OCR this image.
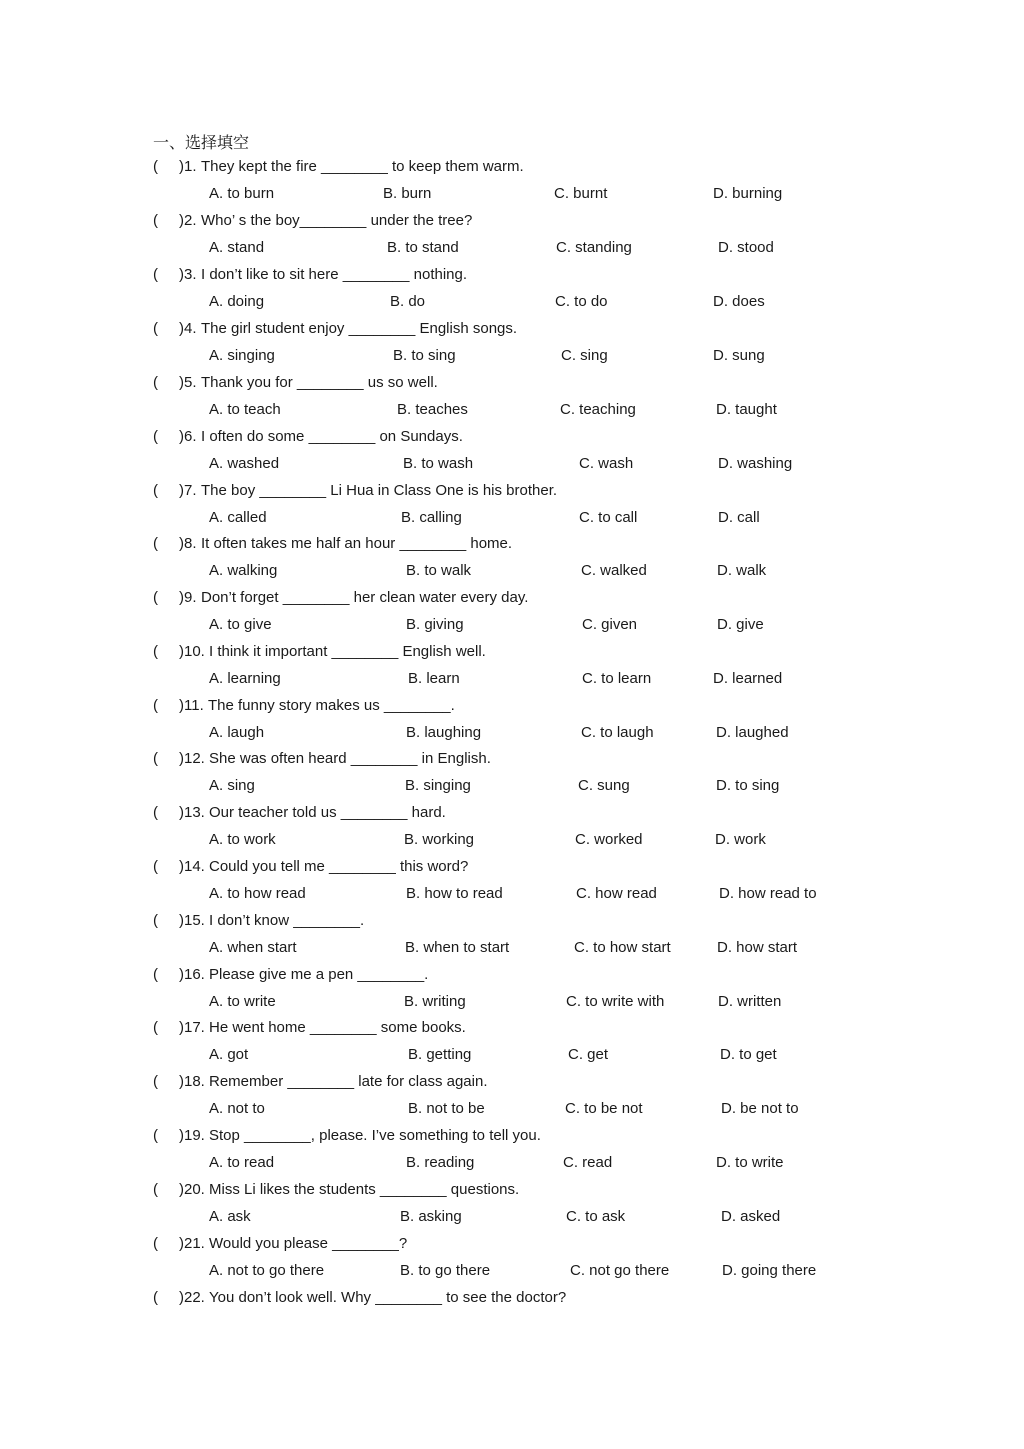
一、选择填空
( )1. They kept the fire ________ to keep them warm.
A. to burn	B. burn	C. burnt	D. burning
( )2. Who’ s the boy________ under the tree?
A. stand	B. to stand	C. standing	D. stood
( )3. I don’t like to sit here ________ nothing.
A. doing	B. do	C. to do	D. does
( )4. The girl student enjoy ________ English songs.
A. singing	B. to sing	C. sing	D. sung
( )5. Thank you for ________ us so well.
A. to teach	B. teaches	C. teaching	D. taught
( )6. I often do some ________ on Sundays.
A. washed	B. to wash	C. wash	D. washing
( )7. The boy ________ Li Hua in Class One is his brother.
A. called	B. calling	C. to call	D. call
( )8. It often takes me half an hour ________ home.
A. walking	B. to walk	C. walked	D. walk
( )9. Don’t forget ________ her clean water every day.
A. to give	B. giving	C. given	D. give
( )10. I think it important ________ English well.
A. learning	B. learn	C. to learn	D. learned
( )11. The funny story makes us ________.
A. laugh	B. laughing	C. to laugh	D. laughed
( )12. She was often heard ________ in English.
A. sing	B. singing	C. sung	D. to sing
( )13. Our teacher told us ________ hard.
A. to work	B. working	C. worked	D. work
( )14. Could you tell me ________ this word?
A. to how read	B. how to read	C. how read	D. how read to
( )15. I don’t know ________.
A. when start	B. when to start	C. to how start	D. how start
( )16. Please give me a pen ________.
A. to write	B. writing	C. to write with	D. written
( )17. He went home ________ some books.
A. got	B. getting	C. get	D. to get
( )18. Remember ________ late for class again.
A. not to	B. not to be	C. to be not	D. be not to
( )19. Stop ________, please. I’ve something to tell you.
A. to read	B. reading	C. read	D. to write
( )20. Miss Li likes the students ________ questions.
A. ask	B. asking	C. to ask	D. asked
( )21. Would you please ________?
A. not to go there	B. to go there	C. not go there	D. going there
( )22. You don’t look well. Why ________ to see the doctor?
